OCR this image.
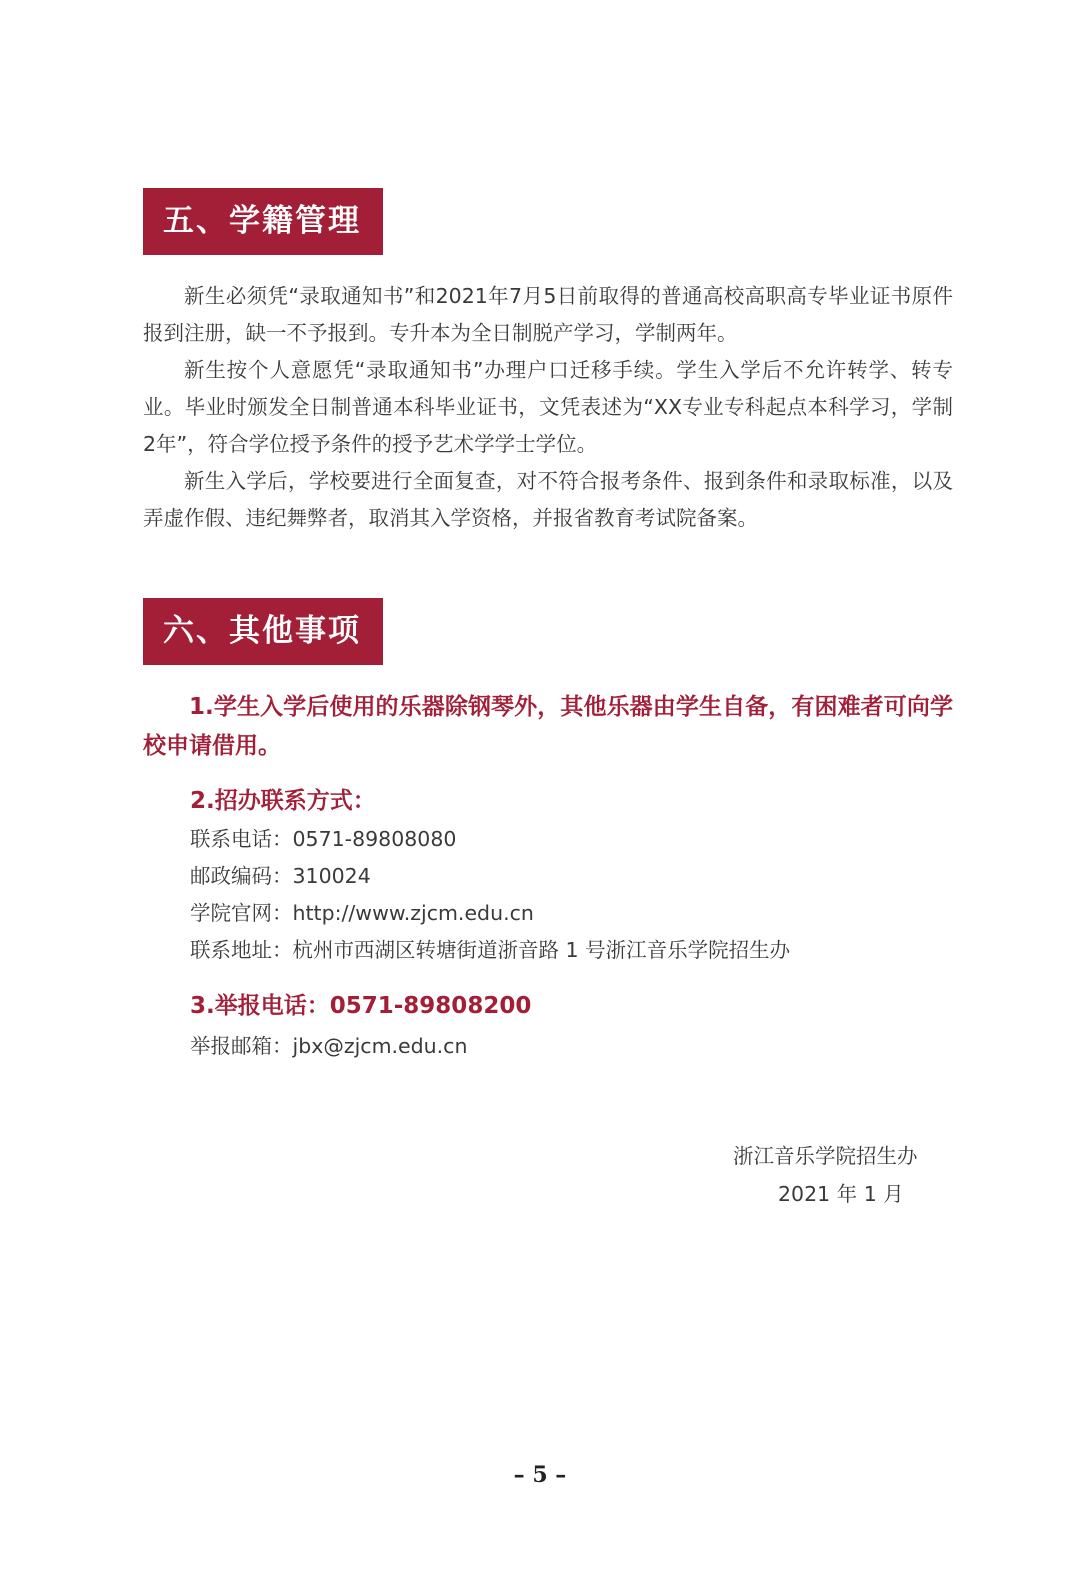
五、学籍管理

新生必须凭“录取通知书”和2021年7月5日前取得的普通高校高职高专毕业证书原件报到注册，缺一不予报到。专升本为全日制脱产学习，学制两年。

新生按个人意愿凭“录取通知书”办理户口迁移手续。学生入学后不允许转学、转专业。毕业时颁发全日制普通本科毕业证书，文凭表述为“XX专业专科起点本科学习，学制2年”，符合学位授予条件的授予艺术学学士学位。

新生入学后，学校要进行全面复查，对不符合报考条件、报到条件和录取标准，以及弄虚作假、违纪舞弊者，取消其入学资格，并报省教育考试院备案。

六、其他事项

1.学生入学后使用的乐器除钢琴外，其他乐器由学生自备，有困难者可向学校申请借用。

2.招办联系方式：
联系电话：0571-89808080
邮政编码：310024
学院官网：http://www.zjcm.edu.cn
联系地址：杭州市西湖区转塘街道浙音路 1 号浙江音乐学院招生办
3.举报电话：0571-89808200
举报邮箱：jbx@zjcm.edu.cn
浙江音乐学院招生办
2021 年 1 月
– 5 –
